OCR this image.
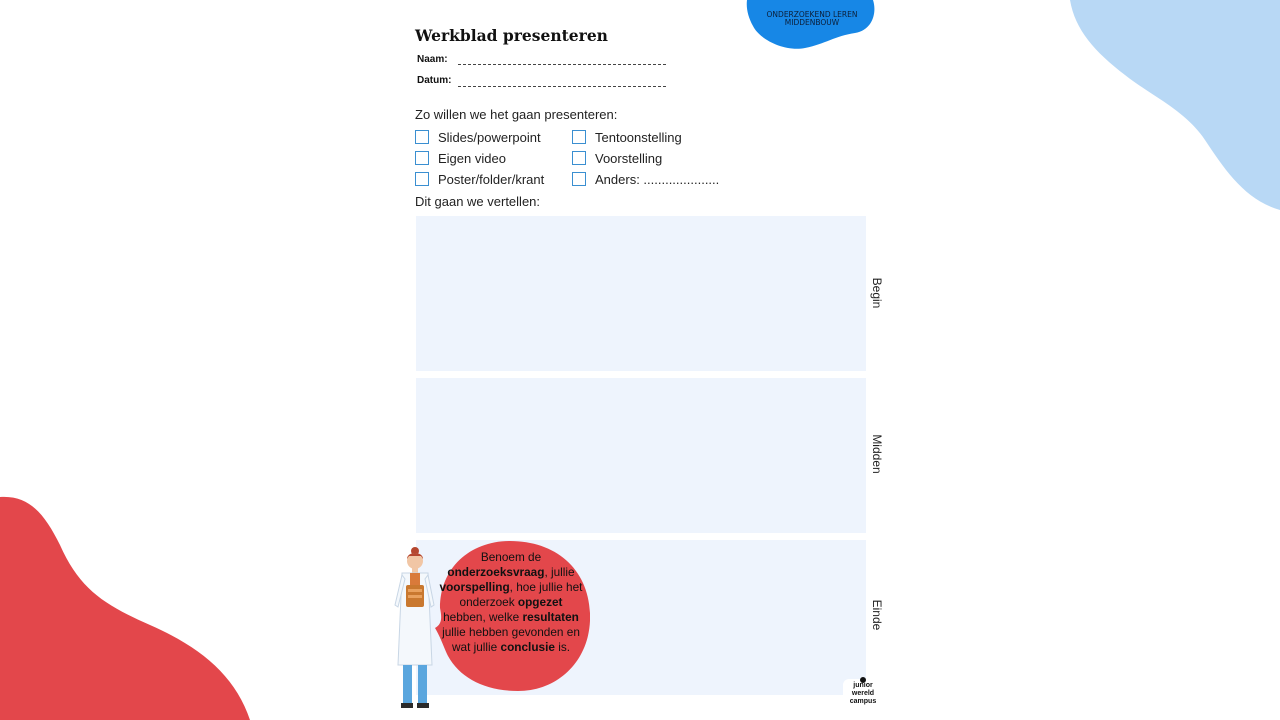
ONDERZOEKEND LEREN
MIDDENBOUW
Werkblad presenteren
Naam:
Datum:
Zo willen we het gaan presenteren:
Slides/powerpoint
Eigen video
Poster/folder/krant
Tentoonstelling
Voorstelling
Anders: .....................
Dit gaan we vertellen:
Begin
Midden
Einde
Benoem de onderzoeksvraag, jullie voorspelling, hoe jullie het onderzoek opgezet hebben, welke resultaten jullie hebben gevonden en wat jullie conclusie is.
junior
wereld
campus
